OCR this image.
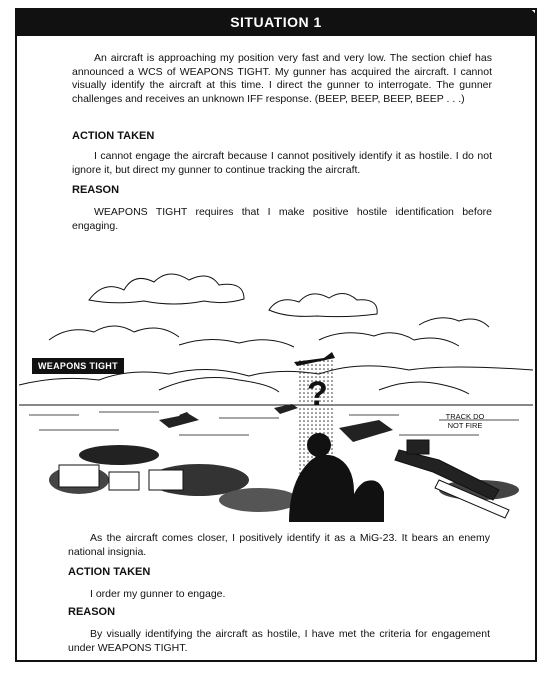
SITUATION 1
An aircraft is approaching my position very fast and very low. The section chief has announced a WCS of WEAPONS TIGHT. My gunner has acquired the aircraft. I cannot visually identify the aircraft at this time. I direct the gunner to interrogate. The gunner challenges and receives an unknown IFF response. (BEEP, BEEP, BEEP, BEEP . . .)
ACTION TAKEN
I cannot engage the aircraft because I cannot positively identify it as hostile. I do not ignore it, but direct my gunner to continue tracking the aircraft.
REASON
WEAPONS TIGHT requires that I make positive hostile identification before engaging.
?
WEAPONS TIGHT
TRACK DO NOT FIRE
As the aircraft comes closer, I positively identify it as a MiG-23. It bears an enemy national insignia.
ACTION TAKEN
I order my gunner to engage.
REASON
By visually identifying the aircraft as hostile, I have met the criteria for engagement under WEAPONS TIGHT.
